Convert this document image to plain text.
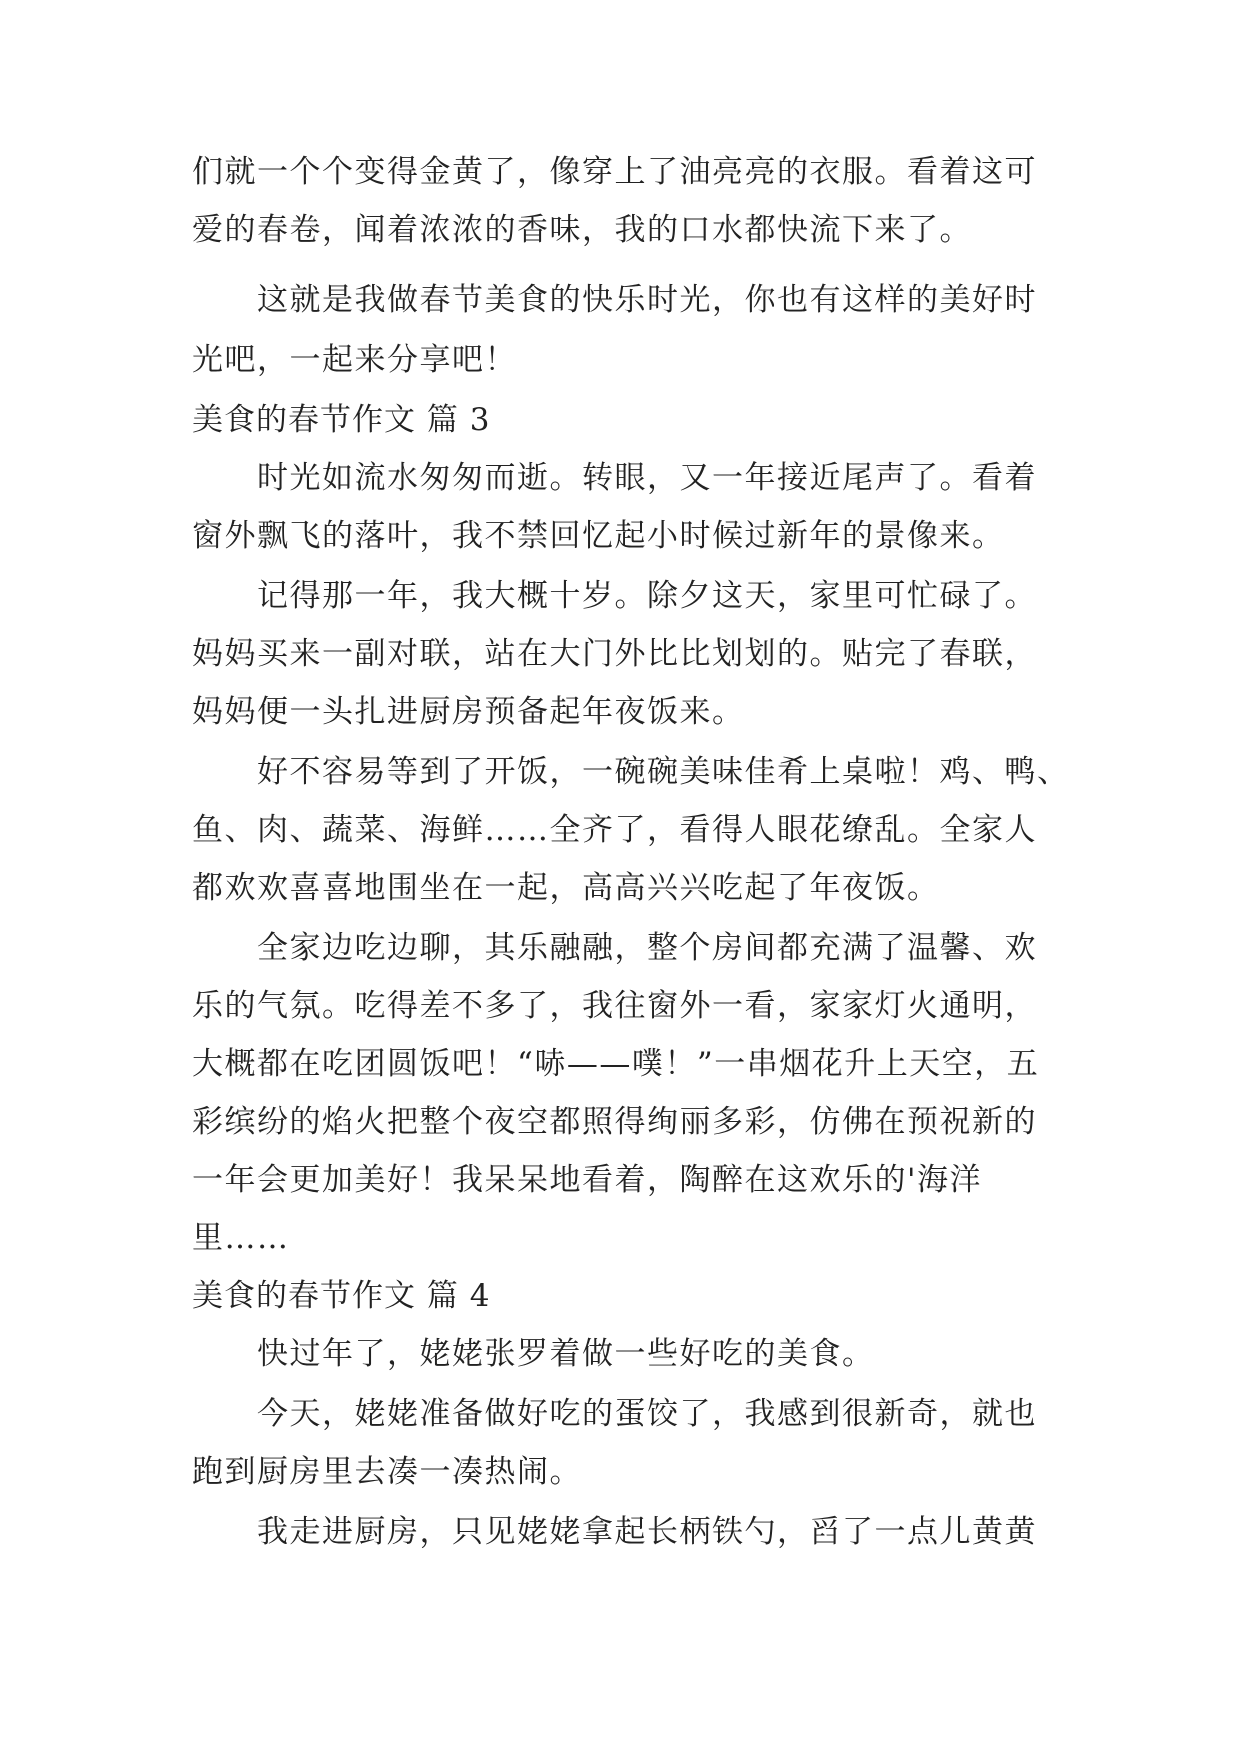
们就一个个变得金黄了，像穿上了油亮亮的衣服。看着这可
爱的春卷，闻着浓浓的香味，我的口水都快流下来了。
这就是我做春节美食的快乐时光，你也有这样的美好时
光吧，一起来分享吧！
美食的春节作文 篇 3
时光如流水匆匆而逝。转眼，又一年接近尾声了。看着
窗外飘飞的落叶，我不禁回忆起小时候过新年的景像来。
记得那一年，我大概十岁。除夕这天，家里可忙碌了。
妈妈买来一副对联，站在大门外比比划划的。贴完了春联，
妈妈便一头扎进厨房预备起年夜饭来。
好不容易等到了开饭，一碗碗美味佳肴上桌啦！鸡、鸭、
鱼、肉、蔬菜、海鲜……全齐了，看得人眼花缭乱。全家人
都欢欢喜喜地围坐在一起，高高兴兴吃起了年夜饭。
全家边吃边聊，其乐融融，整个房间都充满了温馨、欢
乐的气氛。吃得差不多了，我往窗外一看，家家灯火通明，
大概都在吃团圆饭吧！“哧——噗！”一串烟花升上天空，五
彩缤纷的焰火把整个夜空都照得绚丽多彩，仿佛在预祝新的
一年会更加美好！我呆呆地看着，陶醉在这欢乐的'海洋
里……
美食的春节作文 篇 4
快过年了，姥姥张罗着做一些好吃的美食。
今天，姥姥准备做好吃的蛋饺了，我感到很新奇，就也
跑到厨房里去凑一凑热闹。
我走进厨房，只见姥姥拿起长柄铁勺，舀了一点儿黄黄
